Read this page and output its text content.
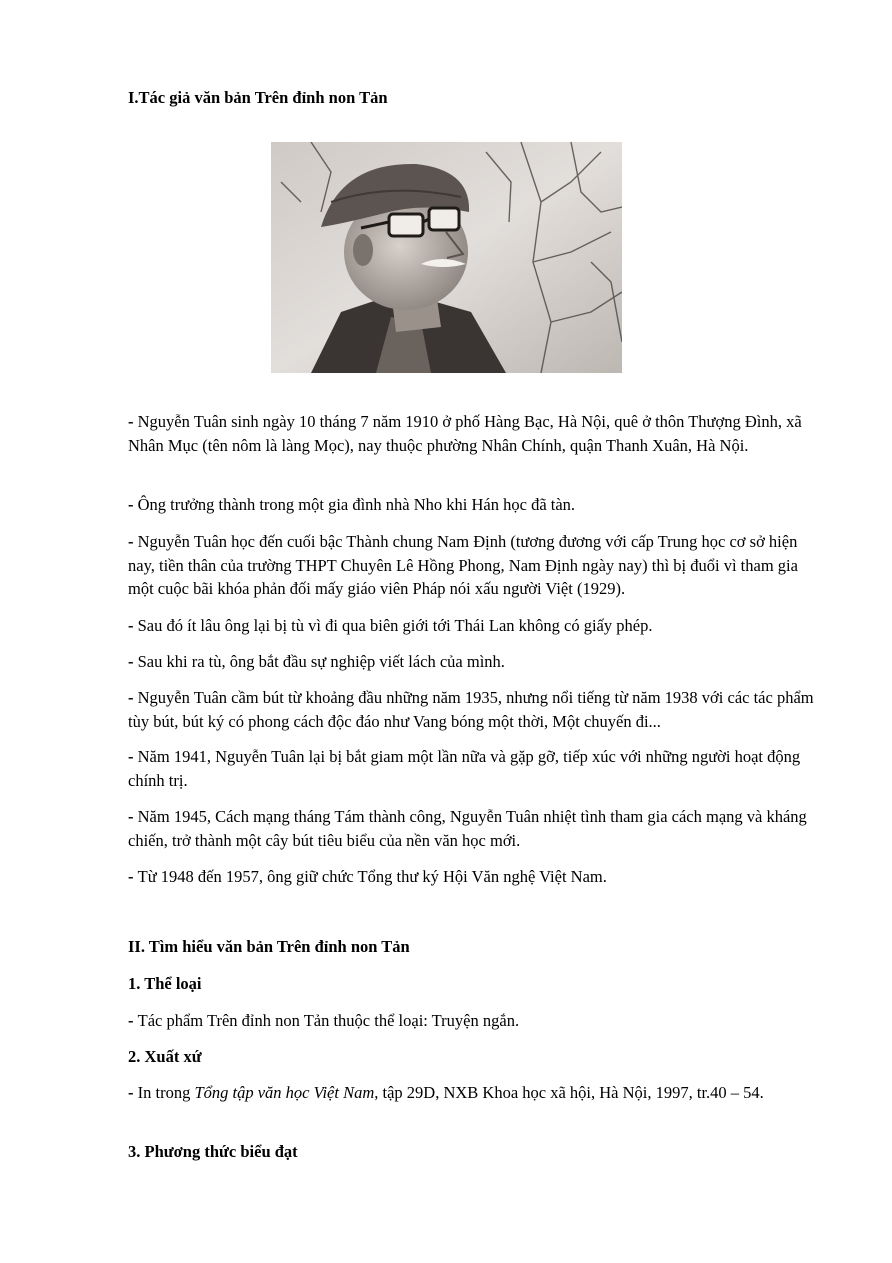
I.Tác giả văn bản Trên đỉnh non Tản

- Nguyễn Tuân sinh ngày 10 tháng 7 năm 1910 ở phố Hàng Bạc, Hà Nội, quê ở thôn Thượng Đình, xã Nhân Mục (tên nôm là làng Mọc), nay thuộc phường Nhân Chính, quận Thanh Xuân, Hà Nội.

- Ông trưởng thành trong một gia đình nhà Nho khi Hán học đã tàn.

- Nguyễn Tuân học đến cuối bậc Thành chung Nam Định (tương đương với cấp Trung học cơ sở hiện nay, tiền thân của trường THPT Chuyên Lê Hồng Phong, Nam Định ngày nay) thì bị đuổi vì tham gia một cuộc bãi khóa phản đối mấy giáo viên Pháp nói xấu người Việt (1929).

- Sau đó ít lâu ông lại bị tù vì đi qua biên giới tới Thái Lan không có giấy phép.

- Sau khi ra tù, ông bắt đầu sự nghiệp viết lách của mình.

- Nguyễn Tuân cầm bút từ khoảng đầu những năm 1935, nhưng nổi tiếng từ năm 1938 với các tác phẩm tùy bút, bút ký có phong cách độc đáo như Vang bóng một thời, Một chuyến đi...

- Năm 1941, Nguyễn Tuân lại bị bắt giam một lần nữa và gặp gỡ, tiếp xúc với những người hoạt động chính trị.

- Năm 1945, Cách mạng tháng Tám thành công, Nguyễn Tuân nhiệt tình tham gia cách mạng và kháng chiến, trở thành một cây bút tiêu biểu của nền văn học mới.

- Từ 1948 đến 1957, ông giữ chức Tổng thư ký Hội Văn nghệ Việt Nam.

II. Tìm hiểu văn bản Trên đỉnh non Tản

1. Thể loại

- Tác phẩm Trên đỉnh non Tản thuộc thể loại: Truyện ngắn.

2. Xuất xứ

- In trong Tổng tập văn học Việt Nam, tập 29D, NXB Khoa học xã hội, Hà Nội, 1997, tr.40 – 54.

3. Phương thức biểu đạt
